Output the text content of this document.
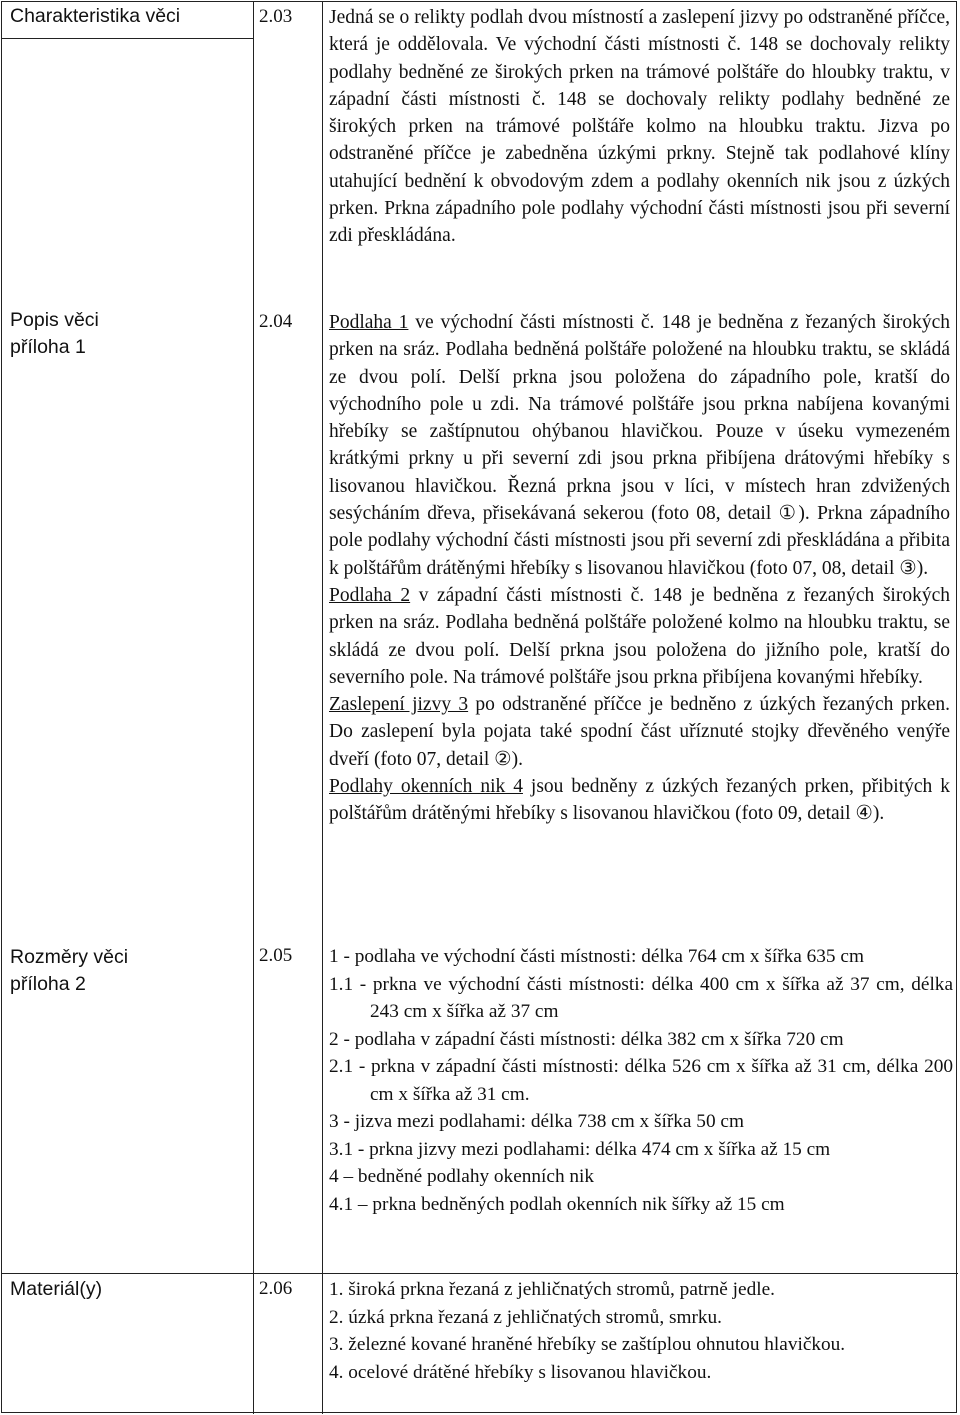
Charakteristika věci
Popis věci
příloha 1
Rozměry věci
příloha 2
Materiál(y)
2.03
2.04
2.05
2.06

Jedná se o relikty podlah dvou místností a zaslepení jizvy po odstraněné příčce, která je oddělovala. Ve východní části místnosti č. 148 se dochovaly relikty podlahy bedněné ze širokých prken na trámové polštáře do hloubky traktu, v západní části místnosti č. 148 se dochovaly relikty podlahy bedněné ze širokých prken na trámové polštáře kolmo na hloubku traktu. Jizva po odstraněné příčce je zabedněna úzkými prkny. Stejně tak podlahové klíny utahující bednění k obvodovým zdem a podlahy okenních nik jsou z úzkých prken. Prkna západního pole podlahy východní části místnosti jsou při severní zdi přeskládána.

Podlaha 1 ve východní části místnosti č. 148 je bedněna z řezaných širokých prken na sráz. Podlaha bedněná polštáře položené na hloubku traktu, se skládá ze dvou polí. Delší prkna jsou položena do západního pole, kratší do východního pole u zdi. Na trámové polštáře jsou prkna nabíjena kovanými hřebíky se zaštípnutou ohýbanou hlavičkou. Pouze v úseku vymezeném krátkými prkny u při severní zdi jsou prkna přibíjena drátovými hřebíky s lisovanou hlavičkou. Řezná prkna jsou v líci, v místech hran zdvižených sesýcháním dřeva, přisekávaná sekerou (foto 08, detail ①). Prkna západního pole podlahy východní části místnosti jsou při severní zdi přeskládána a přibita k polštářům drátěnými hřebíky s lisovanou hlavičkou (foto 07, 08, detail ③).

Podlaha 2 v západní části místnosti č. 148 je bedněna z řezaných širokých prken na sráz. Podlaha bedněná polštáře položené kolmo na hloubku traktu, se skládá ze dvou polí. Delší prkna jsou položena do jižního pole, kratší do severního pole. Na trámové polštáře jsou prkna přibíjena kovanými hřebíky.

Zaslepení jizvy 3 po odstraněné příčce je bedněno z úzkých řezaných prken. Do zaslepení byla pojata také spodní část uříznuté stojky dřevěného venýře dveří (foto 07, detail ②).

Podlahy okenních nik 4 jsou bedněny z úzkých řezaných prken, přibitých k polštářům drátěnými hřebíky s lisovanou hlavičkou (foto 09, detail ④).

1 - podlaha ve východní části místnosti: délka 764 cm x šířka 635 cm
1.1 - prkna ve východní části místnosti: délka 400 cm x šířka až 37 cm, délka 243 cm x šířka až 37 cm
2 - podlaha v západní části místnosti: délka 382 cm x šířka 720 cm
2.1 - prkna v západní části místnosti: délka 526 cm x šířka až 31 cm, délka 200 cm x šířka až 31 cm.
3 - jizva mezi podlahami: délka 738 cm x šířka 50 cm
3.1 - prkna jizvy mezi podlahami: délka 474 cm x šířka až 15 cm
4 – bedněné podlahy okenních nik
4.1 – prkna bedněných podlah okenních nik šířky až 15 cm
1. široká prkna řezaná z jehličnatých stromů, patrně jedle.
2. úzká prkna řezaná z jehličnatých stromů, smrku.
3. železné kované hraněné hřebíky se zaštíplou ohnutou hlavičkou.
4. ocelové drátěné hřebíky s lisovanou hlavičkou.
